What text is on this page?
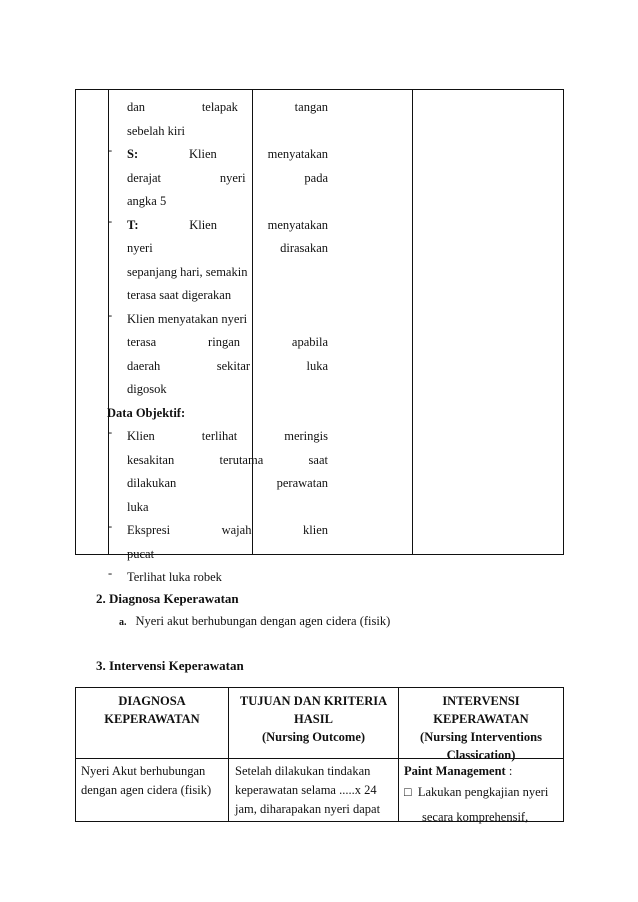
dan telapak tangan
sebelah kiri
- S:	Klien menyatakan
derajat nyeri pada
angka 5
- T:	Klien menyatakan
nyeri dirasakan
sepanjang hari, semakin
terasa saat digerakan
- Klien menyatakan nyeri
terasa ringan apabila
daerah sekitar luka
digosok
Data Objektif:
- Klien terlihat meringis
kesakitan terutama saat
dilakukan perawatan
luka
- Ekspresi wajah klien
pucat
- Terlihat luka robek
2. Diagnosa Keperawatan
a. Nyeri akut berhubungan dengan agen cidera (fisik)
3. Intervensi Keperawatan
DIAGNOSA
KEPERAWATAN
TUJUAN DAN KRITERIA
HASIL
(Nursing Outcome)
INTERVENSI
KEPERAWATAN
(Nursing Interventions
Classication)
Nyeri Akut berhubungan
dengan agen cidera (fisik)
Setelah dilakukan tindakan
keperawatan selama .....x 24
jam, diharapakan nyeri dapat
Paint Management :
□ Lakukan pengkajian nyeri
secara komprehensif,
